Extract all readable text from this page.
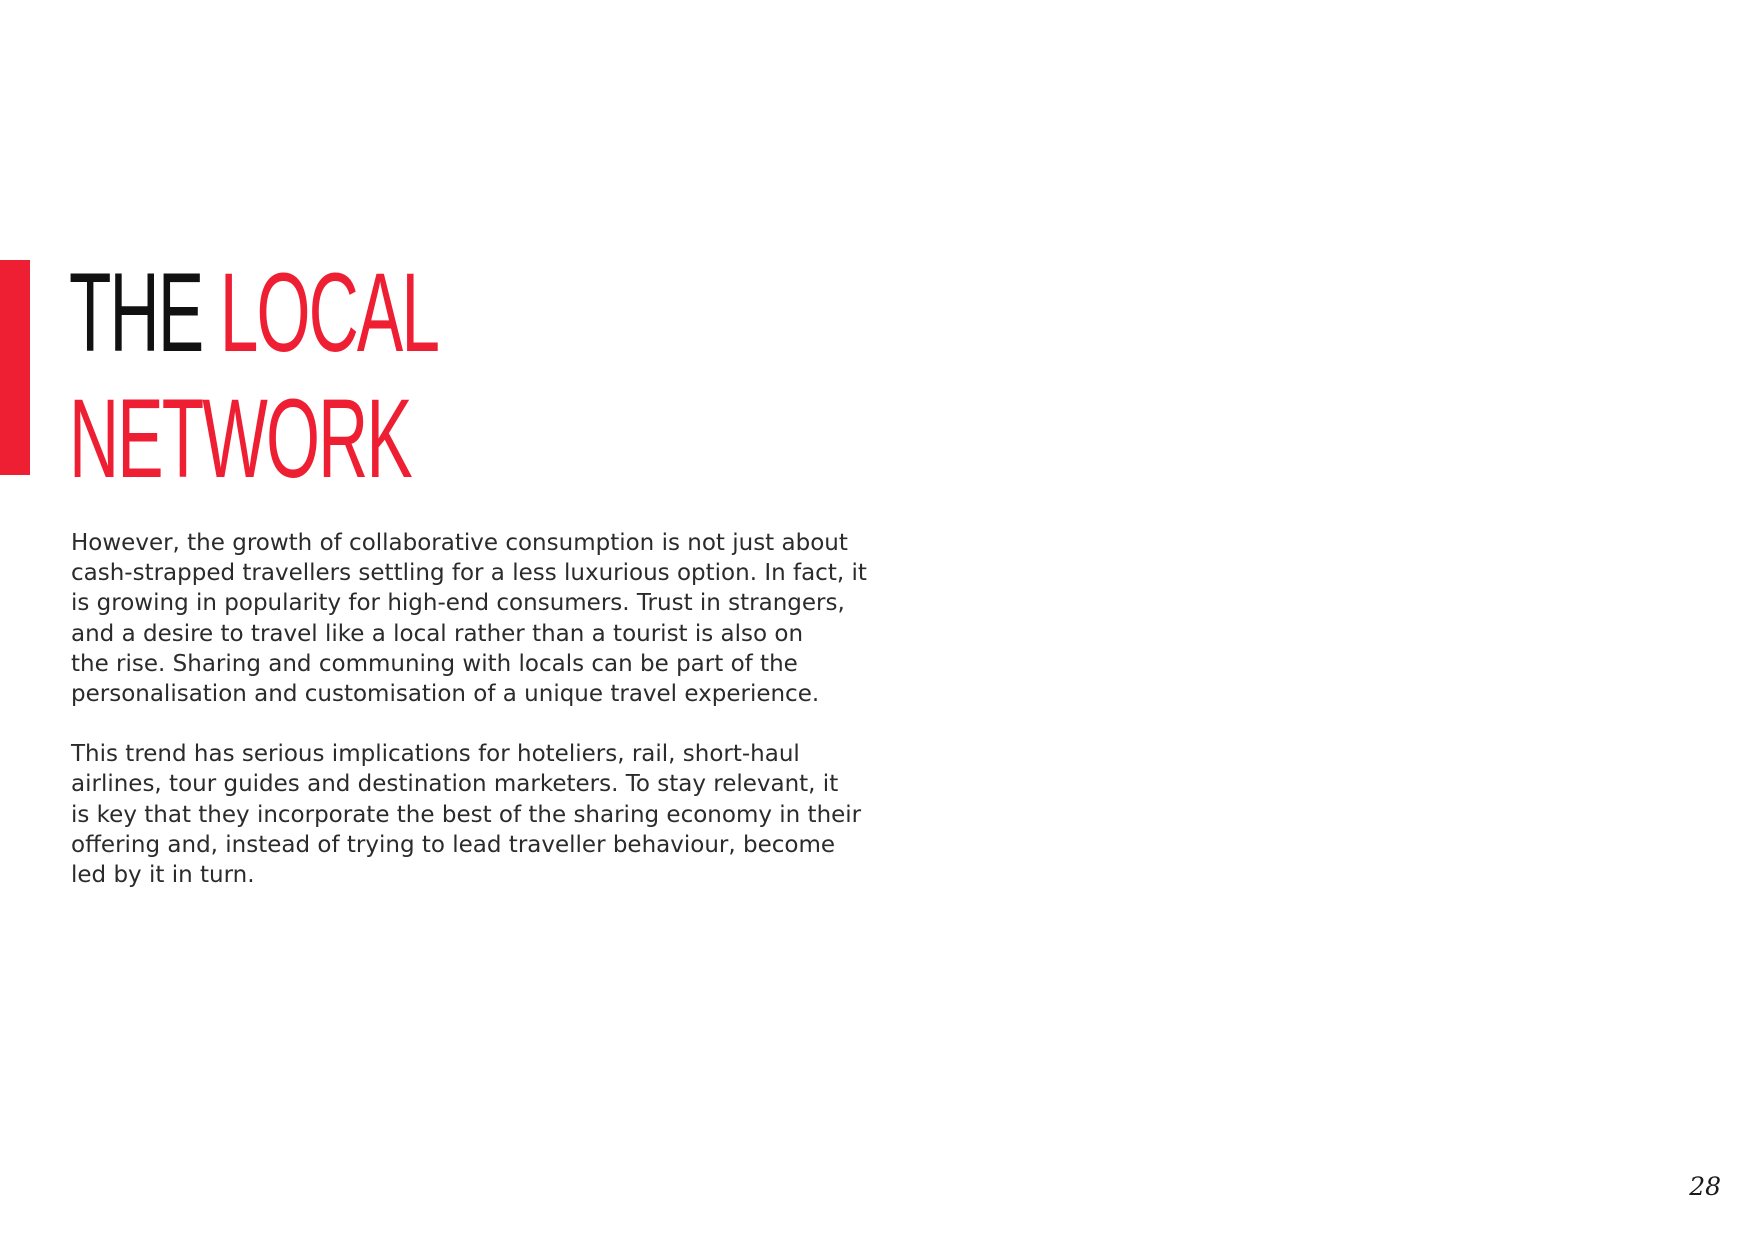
THE LOCAL
NETWORK

However, the growth of collaborative consumption is not just about
cash-strapped travellers settling for a less luxurious option. In fact, it
is growing in popularity for high-end consumers. Trust in strangers,
and a desire to travel like a local rather than a tourist is also on
the rise. Sharing and communing with locals can be part of the
personalisation and customisation of a unique travel experience.

This trend has serious implications for hoteliers, rail, short-haul
airlines, tour guides and destination marketers. To stay relevant, it
is key that they incorporate the best of the sharing economy in their
offering and, instead of trying to lead traveller behaviour, become
led by it in turn.

28
